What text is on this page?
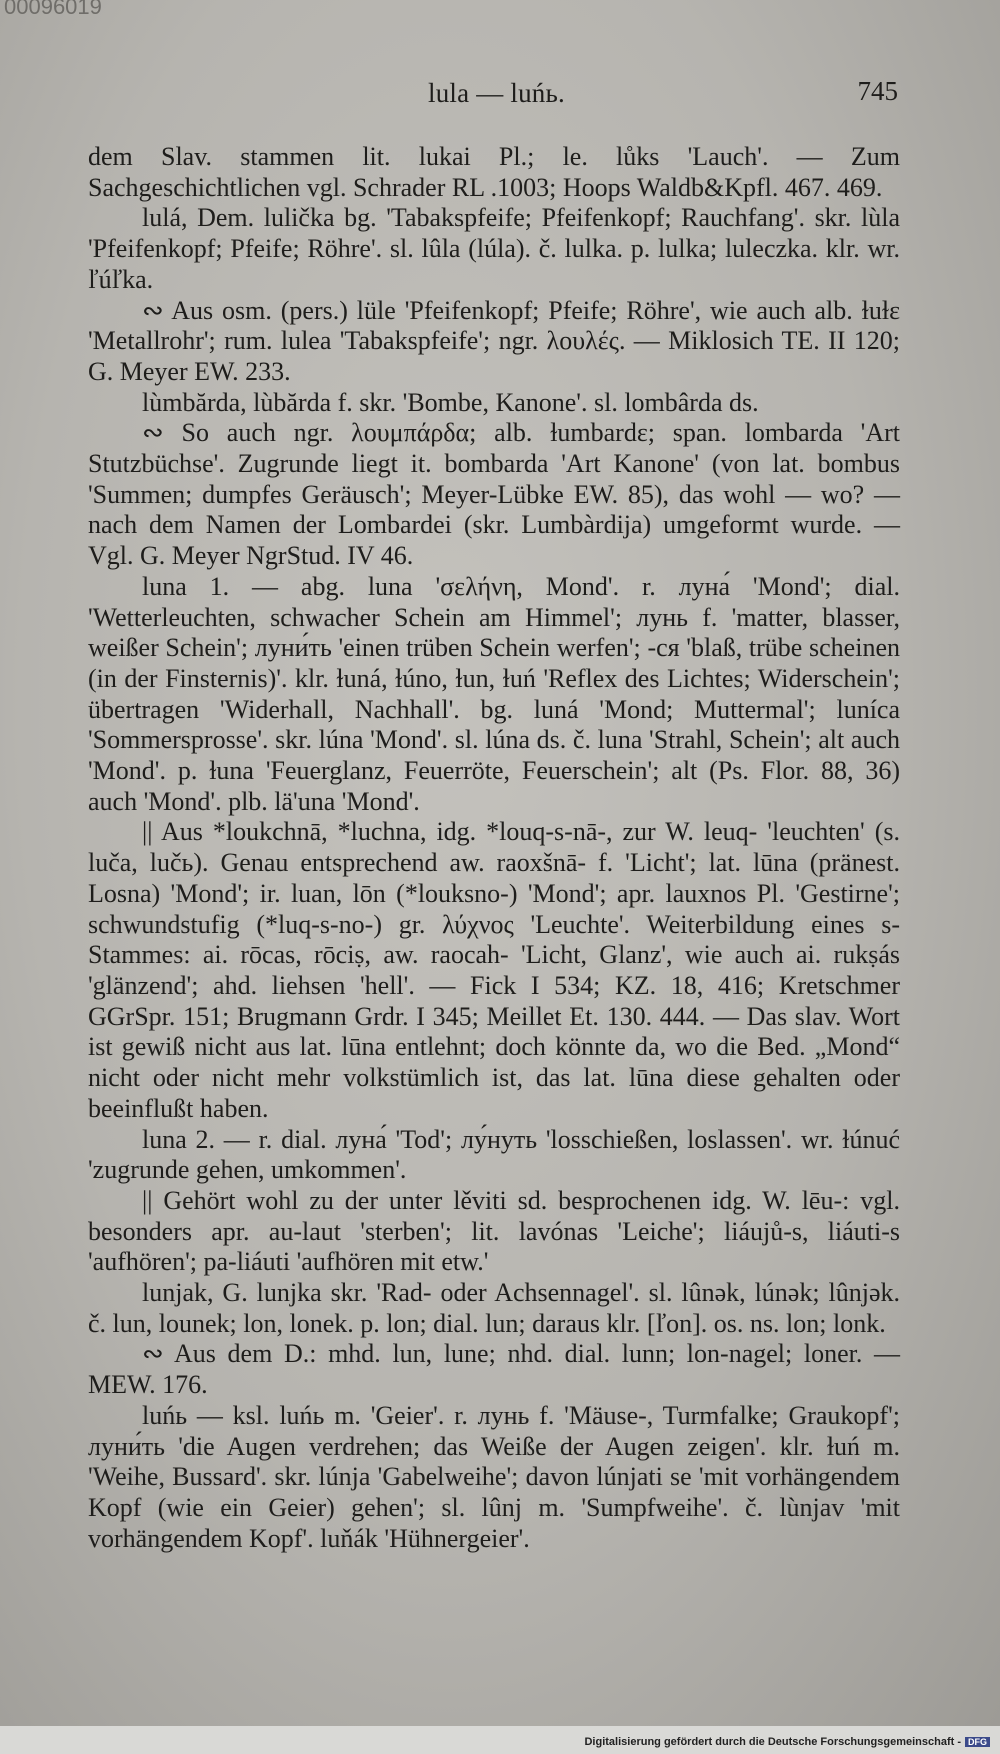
00096019
lula — luńь.	745

dem Slav. stammen lit. lukai Pl.; le. lůks 'Lauch'. — Zum Sachgeschichtlichen vgl. Schrader RL .1003; Hoops Waldb&Kpfl. 467. 469.

lulá, Dem. lulička bg. 'Tabakspfeife; Pfeifenkopf; Rauchfang'. skr. lùla 'Pfeifenkopf; Pfeife; Röhre'. sl. lûla (lúla). č. lulka. p. lulka; luleczka. klr. wr. ľúľka.

∾ Aus osm. (pers.) lüle 'Pfeifenkopf; Pfeife; Röhre', wie auch alb. ɫuɫɛ 'Metallrohr'; rum. lulea 'Tabakspfeife'; ngr. λουλές. — Miklosich TE. II 120; G. Meyer EW. 233.

lùmbărda, lùbărda f. skr. 'Bombe, Kanone'. sl. lombârda ds.

∾ So auch ngr. λουμπάρδα; alb. ɫumbardɛ; span. lombarda 'Art Stutzbüchse'. Zugrunde liegt it. bombarda 'Art Kanone' (von lat. bombus 'Summen; dumpfes Geräusch'; Meyer-Lübke EW. 85), das wohl — wo? — nach dem Namen der Lombardei (skr. Lumbàrdija) umgeformt wurde. — Vgl. G. Meyer NgrStud. IV 46.

luna 1. — abg. luna 'σελήνη, Mond'. r. луна́ 'Mond'; dial. 'Wetterleuchten, schwacher Schein am Himmel'; лунь f. 'matter, blasser, weißer Schein'; луни́ть 'einen trüben Schein werfen'; -ся 'blaß, trübe scheinen (in der Finsternis)'. klr. ɫuná, ɫúno, ɫun, ɫuń 'Reflex des Lichtes; Widerschein'; übertragen 'Widerhall, Nachhall'. bg. luná 'Mond; Muttermal'; luníca 'Sommersprosse'. skr. lúna 'Mond'. sl. lúna ds. č. luna 'Strahl, Schein'; alt auch 'Mond'. p. ɫuna 'Feuerglanz, Feuerröte, Feuerschein'; alt (Ps. Flor. 88, 36) auch 'Mond'. plb. lä'una 'Mond'.

|| Aus *loukchnā, *luchna, idg. *louq-s-nā-, zur W. leuq- 'leuchten' (s. luča, lučь). Genau entsprechend aw. raoxšnā- f. 'Licht'; lat. lūna (pränest. Losna) 'Mond'; ir. luan, lōn (*louksno-) 'Mond'; apr. lauxnos Pl. 'Gestirne'; schwundstufig (*luq-s-no-) gr. λύχνος 'Leuchte'. Weiterbildung eines s-Stammes: ai. rōcas, rōciṣ, aw. raocah- 'Licht, Glanz', wie auch ai. rukṣás 'glänzend'; ahd. liehsen 'hell'. — Fick I 534; KZ. 18, 416; Kretschmer GGrSpr. 151; Brugmann Grdr. I 345; Meillet Et. 130. 444. — Das slav. Wort ist gewiß nicht aus lat. lūna entlehnt; doch könnte da, wo die Bed. „Mond“ nicht oder nicht mehr volkstümlich ist, das lat. lūna diese gehalten oder beeinflußt haben.

luna 2. — r. dial. луна́ 'Tod'; лу́нуть 'losschießen, loslassen'. wr. ɫúnuć 'zugrunde gehen, umkommen'.

|| Gehört wohl zu der unter lěviti sd. besprochenen idg. W. lēu-: vgl. besonders apr. au-laut 'sterben'; lit. lavónas 'Leiche'; liáujů-s, liáuti-s 'aufhören'; pa-liáuti 'aufhören mit etw.'

lunjak, G. lunjka skr. 'Rad- oder Achsennagel'. sl. lûnək, lúnək; lûnjək. č. lun, lounek; lon, lonek. p. lon; dial. lun; daraus klr. [ľon]. os. ns. lon; lonk.

∾ Aus dem D.: mhd. lun, lune; nhd. dial. lunn; lon-nagel; loner. — MEW. 176.

luńь — ksl. luńь m. 'Geier'. r. лунь f. 'Mäuse-, Turmfalke; Graukopf'; луни́ть 'die Augen verdrehen; das Weiße der Augen zeigen'. klr. ɫuń m. 'Weihe, Bussard'. skr. lúnja 'Gabelweihe'; davon lúnjati se 'mit vorhängendem Kopf (wie ein Geier) gehen'; sl. lûnj m. 'Sumpfweihe'. č. lùnjav 'mit vorhängendem Kopf'. luňák 'Hühnergeier'.

Digitalisierung gefördert durch die Deutsche Forschungsgemeinschaft - DFG
